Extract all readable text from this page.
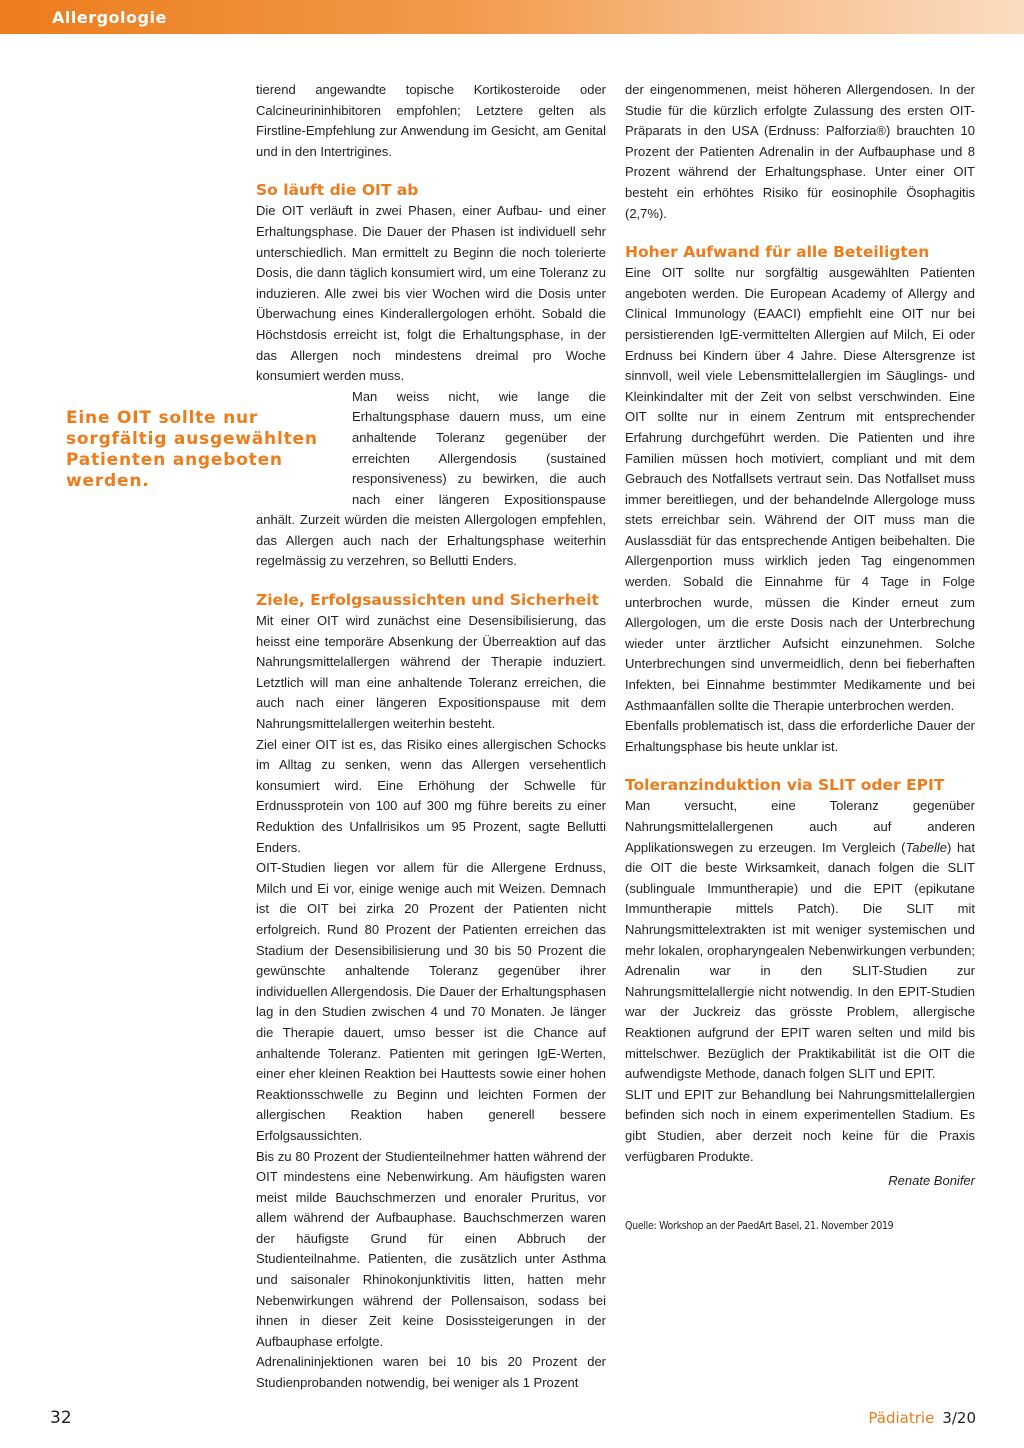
Allergologie
Eine OIT sollte nur sorgfältig ausgewählten Patienten angeboten werden.

tierend angewandte topische Kortikosteroide oder Calcineurininhibitoren empfohlen; Letztere gelten als Firstline-Empfehlung zur Anwendung im Gesicht, am Genital und in den Intertrigines.

So läuft die OIT ab

Die OIT verläuft in zwei Phasen, einer Aufbau- und einer Erhaltungsphase. Die Dauer der Phasen ist individuell sehr unterschiedlich. Man ermittelt zu Beginn die noch tolerierte Dosis, die dann täglich konsumiert wird, um eine Toleranz zu induzieren. Alle zwei bis vier Wochen wird die Dosis unter Überwachung eines Kinderallergologen erhöht. Sobald die Höchstdosis erreicht ist, folgt die Erhaltungsphase, in der das Allergen noch mindestens dreimal pro Woche konsumiert werden muss.

Man weiss nicht, wie lange die Erhaltungsphase dauern muss, um eine anhaltende Toleranz gegenüber der erreichten Allergendosis (sustained responsiveness) zu bewirken, die auch nach einer längeren Expositionspause anhält. Zurzeit würden die meisten Allergologen empfehlen, das Allergen auch nach der Erhaltungsphase weiterhin regelmässig zu verzehren, so Bellutti Enders.

Ziele, Erfolgsaussichten und Sicherheit

Mit einer OIT wird zunächst eine Desensibilisierung, das heisst eine temporäre Absenkung der Überreaktion auf das Nahrungsmittelallergen während der Therapie induziert. Letztlich will man eine anhaltende Toleranz erreichen, die auch nach einer längeren Expositionspause mit dem Nahrungsmittelallergen weiterhin besteht.

Ziel einer OIT ist es, das Risiko eines allergischen Schocks im Alltag zu senken, wenn das Allergen versehentlich konsumiert wird. Eine Erhöhung der Schwelle für Erdnussprotein von 100 auf 300 mg führe bereits zu einer Reduktion des Unfallrisikos um 95 Prozent, sagte Bellutti Enders.

OIT-Studien liegen vor allem für die Allergene Erdnuss, Milch und Ei vor, einige wenige auch mit Weizen. Demnach ist die OIT bei zirka 20 Prozent der Patienten nicht erfolgreich. Rund 80 Prozent der Patienten erreichen das Stadium der Desensibilisierung und 30 bis 50 Prozent die gewünschte anhaltende Toleranz gegenüber ihrer individuellen Allergendosis. Die Dauer der Erhaltungsphasen lag in den Studien zwischen 4 und 70 Monaten. Je länger die Therapie dauert, umso besser ist die Chance auf anhaltende Toleranz. Patienten mit geringen IgE-Werten, einer eher kleinen Reaktion bei Hauttests sowie einer hohen Reaktionsschwelle zu Beginn und leichten Formen der allergischen Reaktion haben generell bessere Erfolgsaussichten.

Bis zu 80 Prozent der Studienteilnehmer hatten während der OIT mindestens eine Nebenwirkung. Am häufigsten waren meist milde Bauchschmerzen und enoraler Pruritus, vor allem während der Aufbauphase. Bauchschmerzen waren der häufigste Grund für einen Abbruch der Studienteilnahme. Patienten, die zusätzlich unter Asthma und saisonaler Rhinokonjunktivitis litten, hatten mehr Nebenwirkungen während der Pollensaison, sodass bei ihnen in dieser Zeit keine Dosissteigerungen in der Aufbauphase erfolgte.

Adrenalininjektionen waren bei 10 bis 20 Prozent der Studienprobanden notwendig, bei weniger als 1 Prozent

der eingenommenen, meist höheren Allergendosen. In der Studie für die kürzlich erfolgte Zulassung des ersten OIT-Präparats in den USA (Erdnuss: Palforzia®) brauchten 10 Prozent der Patienten Adrenalin in der Aufbauphase und 8 Prozent während der Erhaltungsphase. Unter einer OIT besteht ein erhöhtes Risiko für eosinophile Ösophagitis (2,7%).

Hoher Aufwand für alle Beteiligten

Eine OIT sollte nur sorgfältig ausgewählten Patienten angeboten werden. Die European Academy of Allergy and Clinical Immunology (EAACI) empfiehlt eine OIT nur bei persistierenden IgE-vermittelten Allergien auf Milch, Ei oder Erdnuss bei Kindern über 4 Jahre. Diese Altersgrenze ist sinnvoll, weil viele Lebensmittelallergien im Säuglings- und Kleinkindalter mit der Zeit von selbst verschwinden. Eine OIT sollte nur in einem Zentrum mit entsprechender Erfahrung durchgeführt werden. Die Patienten und ihre Familien müssen hoch motiviert, compliant und mit dem Gebrauch des Notfallsets vertraut sein. Das Notfallset muss immer bereitliegen, und der behandelnde Allergologe muss stets erreichbar sein. Während der OIT muss man die Auslassdiät für das entsprechende Antigen beibehalten. Die Allergenportion muss wirklich jeden Tag eingenommen werden. Sobald die Einnahme für 4 Tage in Folge unterbrochen wurde, müssen die Kinder erneut zum Allergologen, um die erste Dosis nach der Unterbrechung wieder unter ärztlicher Aufsicht einzunehmen. Solche Unterbrechungen sind unvermeidlich, denn bei fieberhaften Infekten, bei Einnahme bestimmter Medikamente und bei Asthmaanfällen sollte die Therapie unterbrochen werden.

Ebenfalls problematisch ist, dass die erforderliche Dauer der Erhaltungsphase bis heute unklar ist.

Toleranzinduktion via SLIT oder EPIT

Man versucht, eine Toleranz gegenüber Nahrungsmittelallergenen auch auf anderen Applikationswegen zu erzeugen. Im Vergleich (Tabelle) hat die OIT die beste Wirksamkeit, danach folgen die SLIT (sublinguale Immuntherapie) und die EPIT (epikutane Immuntherapie mittels Patch). Die SLIT mit Nahrungsmittelextrakten ist mit weniger systemischen und mehr lokalen, oropharyngealen Nebenwirkungen verbunden; Adrenalin war in den SLIT-Studien zur Nahrungsmittelallergie nicht notwendig. In den EPIT-Studien war der Juckreiz das grösste Problem, allergische Reaktionen aufgrund der EPIT waren selten und mild bis mittelschwer. Bezüglich der Praktikabilität ist die OIT die aufwendigste Methode, danach folgen SLIT und EPIT.

SLIT und EPIT zur Behandlung bei Nahrungsmittelallergien befinden sich noch in einem experimentellen Stadium. Es gibt Studien, aber derzeit noch keine für die Praxis verfügbaren Produkte.

Renate Bonifer

Quelle: Workshop an der PaedArt Basel, 21. November 2019

32	Pädiatrie 3/20
